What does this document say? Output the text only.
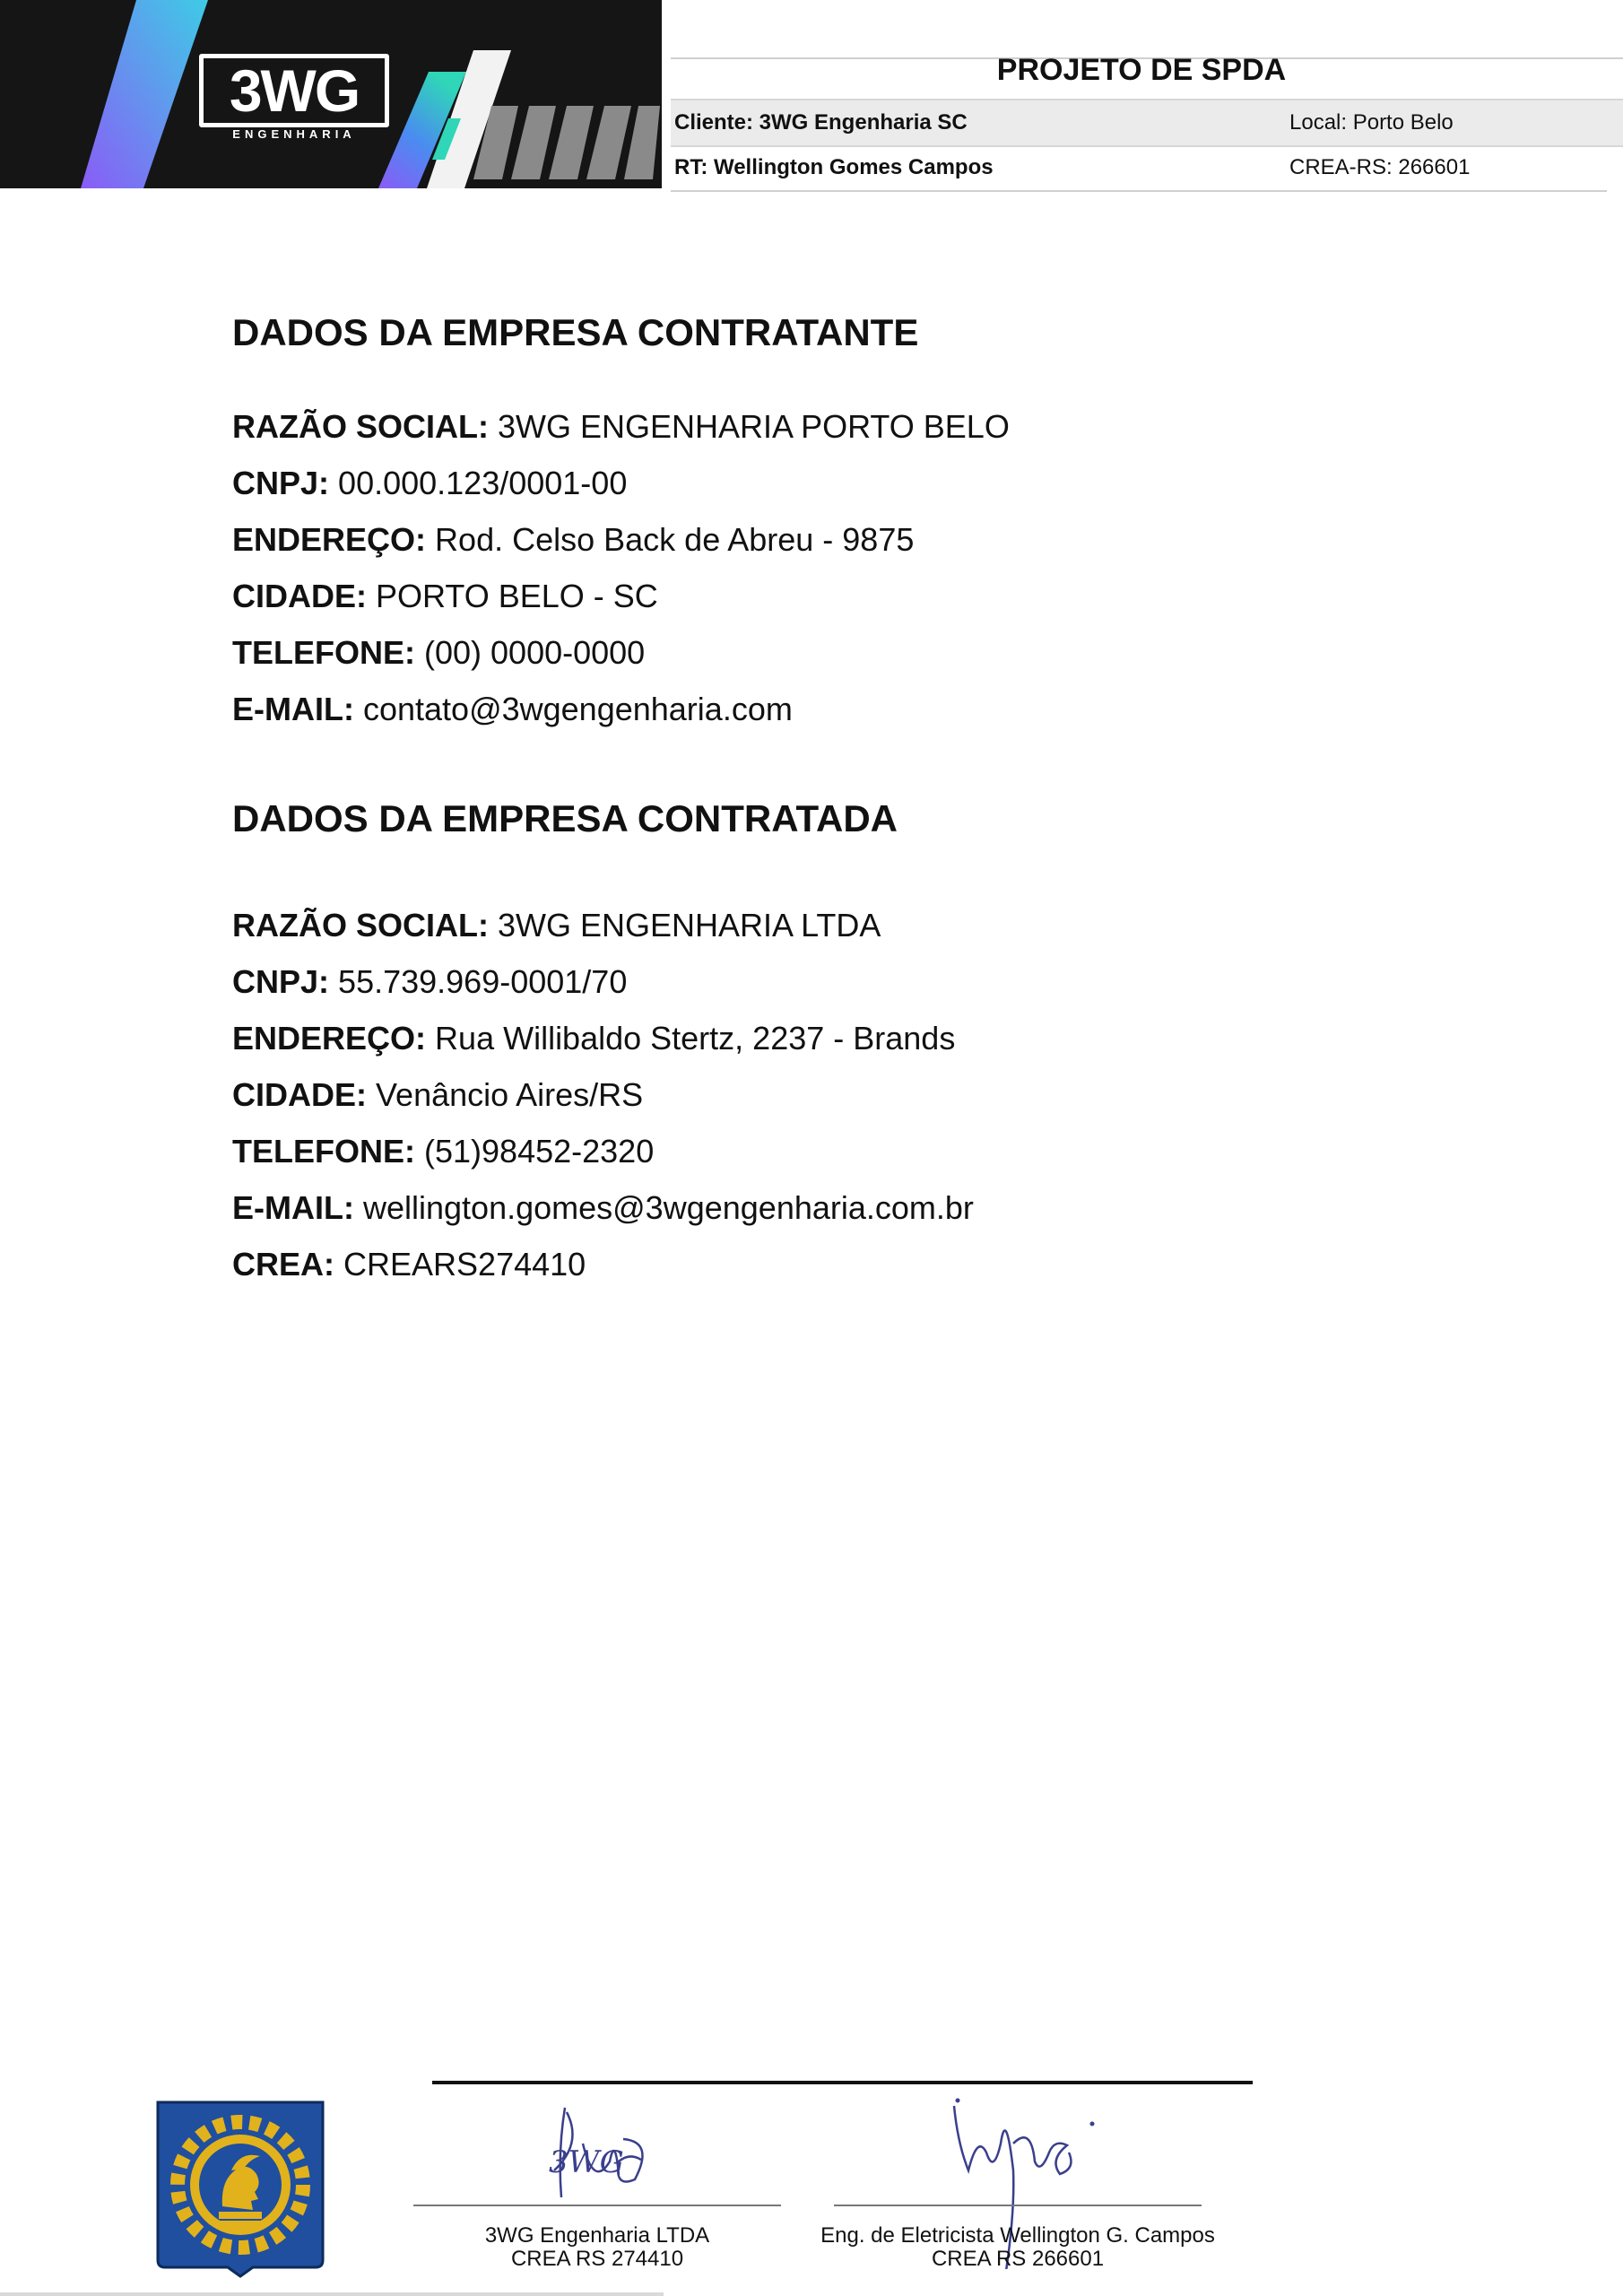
3WG
ENGENHARIA
PROJETO DE SPDA
Cliente: 3WG Engenharia SC	Local: Porto Belo
RT: Wellington Gomes Campos	CREA-RS: 266601
DADOS DA EMPRESA CONTRATANTE
RAZÃO SOCIAL: 3WG ENGENHARIA PORTO BELO
CNPJ: 00.000.123/0001-00
ENDEREÇO: Rod. Celso Back de Abreu - 9875
CIDADE: PORTO BELO - SC
TELEFONE: (00) 0000-0000
E-MAIL: contato@3wgengenharia.com
DADOS DA EMPRESA CONTRATADA
RAZÃO SOCIAL: 3WG ENGENHARIA LTDA
CNPJ: 55.739.969-0001/70
ENDEREÇO: Rua Willibaldo Stertz, 2237 - Brands
CIDADE: Venâncio Aires/RS
TELEFONE: (51)98452-2320
E-MAIL: wellington.gomes@3wgengenharia.com.br
CREA: CREARS274410
3WG
3WG Engenharia LTDA
CREA RS 274410
Eng. de Eletricista Wellington G. Campos
CREA RS 266601
